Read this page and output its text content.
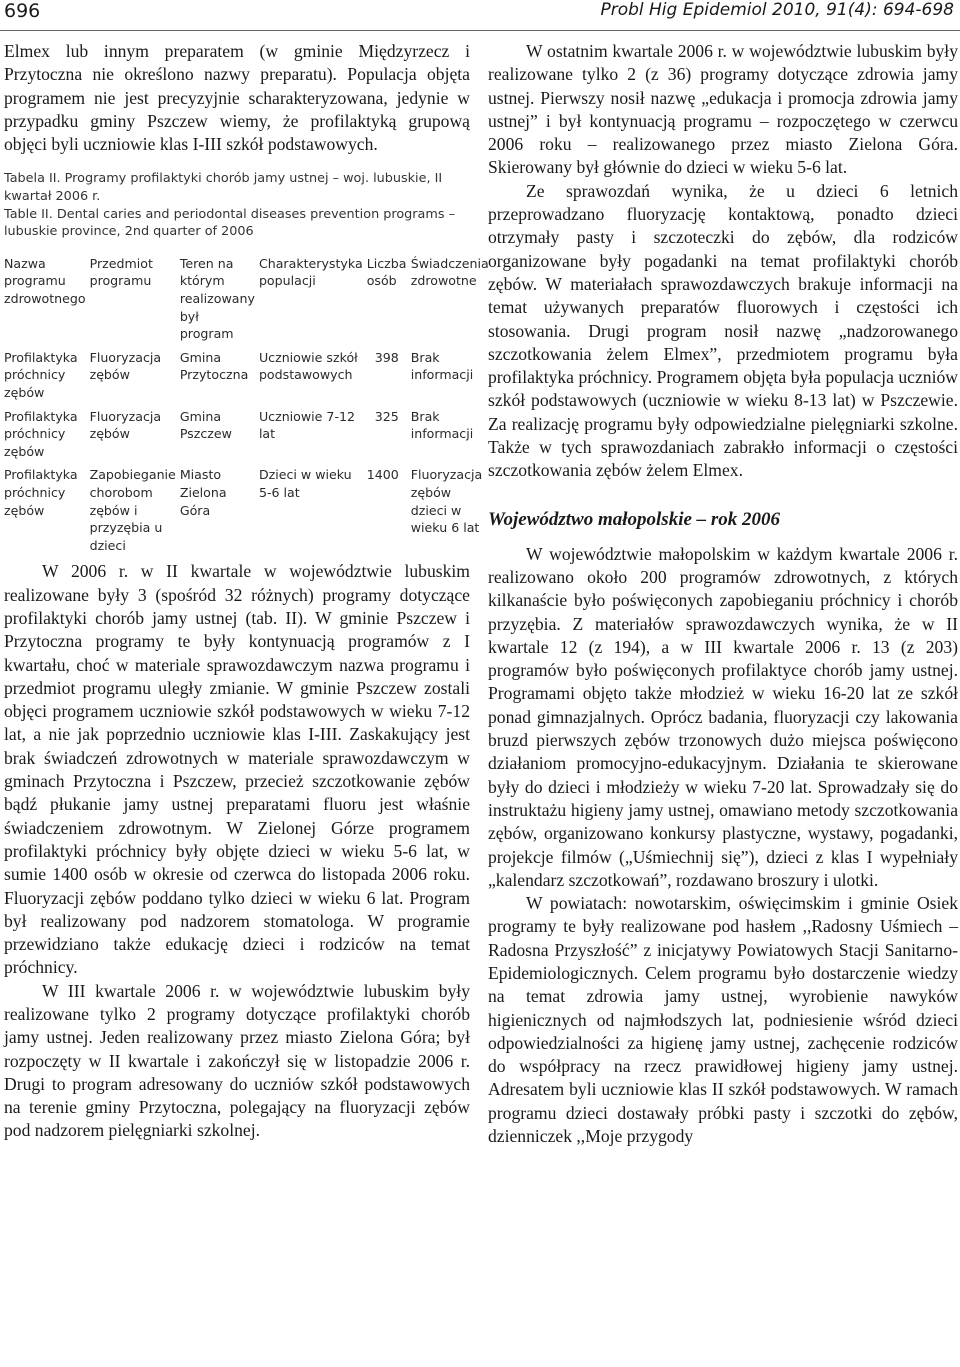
696	Probl Hig Epidemiol 2010, 91(4): 694-698

Elmex lub innym preparatem (w gminie Międzyrzecz i Przytoczna nie określono nazwy preparatu). Populacja objęta programem nie jest precyzyjnie scharakteryzowana, jedynie w przypadku gminy Pszczew wiemy, że profilaktyką grupową objęci byli uczniowie klas I-III szkół podstawowych.

Tabela II. Programy profilaktyki chorób jamy ustnej – woj. lubuskie, II kwartał 2006 r.

Table II. Dental caries and periodontal diseases prevention programs – lubuskie province, 2nd quarter of 2006

Nazwa programu zdrowotnego	Przedmiot programu	Teren na którym realizowany był program	Charakterystyka populacji	Liczba osób	Świadczenia zdrowotne
Profilaktyka próchnicy zębów	Fluoryzacja zębów	Gmina Przytoczna	Uczniowie szkół podstawowych	398	Brak informacji
Profilaktyka próchnicy zębów	Fluoryzacja zębów	Gmina Pszczew	Uczniowie 7-12 lat	325	Brak informacji
Profilaktyka próchnicy zębów	Zapobieganie chorobom zębów i przyzębia u dzieci	Miasto Zielona Góra	Dzieci w wieku 5-6 lat	1400	Fluoryzacja zębów dzieci w wieku 6 lat

W 2006 r. w II kwartale w województwie lubuskim realizowane były 3 (spośród 32 różnych) programy dotyczące profilaktyki chorób jamy ustnej (tab. II). W gminie Pszczew i Przytoczna programy te były kontynuacją programów z I kwartału, choć w materiale sprawozdawczym nazwa programu i przedmiot programu uległy zmianie. W gminie Pszczew zostali objęci programem uczniowie szkół podstawowych w wieku 7-12 lat, a nie jak poprzednio uczniowie klas I-III. Zaskakujący jest brak świadczeń zdrowotnych w materiale sprawozdawczym w gminach Przytoczna i Pszczew, przecież szczotkowanie zębów bądź płukanie jamy ustnej preparatami fluoru jest właśnie świadczeniem zdrowotnym. W Zielonej Górze programem profilaktyki próchnicy były objęte dzieci w wieku 5-6 lat, w sumie 1400 osób w okresie od czerwca do listopada 2006 roku. Fluoryzacji zębów poddano tylko dzieci w wieku 6 lat. Program był realizowany pod nadzorem stomatologa. W programie przewidziano także edukację dzieci i rodziców na temat próchnicy.

W III kwartale 2006 r. w województwie lubuskim były realizowane tylko 2 programy dotyczące profilaktyki chorób jamy ustnej. Jeden realizowany przez miasto Zielona Góra; był rozpoczęty w II kwartale i zakończył się w listopadzie 2006 r. Drugi to program adresowany do uczniów szkół podstawowych na terenie gminy Przytoczna, polegający na fluoryzacji zębów pod nadzorem pielęgniarki szkolnej.

W ostatnim kwartale 2006 r. w województwie lubuskim były realizowane tylko 2 (z 36) programy dotyczące zdrowia jamy ustnej. Pierwszy nosił nazwę „edukacja i promocja zdrowia jamy ustnej” i był kontynuacją programu – rozpoczętego w czerwcu 2006 roku – realizowanego przez miasto Zielona Góra. Skierowany był głównie do dzieci w wieku 5-6 lat.

Ze sprawozdań wynika, że u dzieci 6 letnich przeprowadzano fluoryzację kontaktową, ponadto dzieci otrzymały pasty i szczoteczki do zębów, dla rodziców organizowane były pogadanki na temat profilaktyki chorób zębów. W materiałach sprawozdawczych brakuje informacji na temat używanych preparatów fluorowych i częstości ich stosowania. Drugi program nosił nazwę „nadzorowanego szczotkowania żelem Elmex”, przedmiotem programu była profilaktyka próchnicy. Programem objęta była populacja uczniów szkół podstawowych (uczniowie w wieku 8-13 lat) w Pszczewie. Za realizację programu były odpowiedzialne pielęgniarki szkolne. Także w tych sprawozdaniach zabrakło informacji o częstości szczotkowania zębów żelem Elmex.

Województwo małopolskie – rok 2006

W województwie małopolskim w każdym kwartale 2006 r. realizowano około 200 programów zdrowotnych, z których kilkanaście było poświęconych zapobieganiu próchnicy i chorób przyzębia. Z materiałów sprawozdawczych wynika, że w II kwartale 12 (z 194), a w III kwartale 2006 r. 13 (z 203) programów było poświęconych profilaktyce chorób jamy ustnej. Programami objęto także młodzież w wieku 16-20 lat ze szkół ponad gimnazjalnych. Oprócz badania, fluoryzacji czy lakowania bruzd pierwszych zębów trzonowych dużo miejsca poświęcono działaniom promocyjno-edukacyjnym. Działania te skierowane były do dzieci i młodzieży w wieku 7-20 lat. Sprowadzały się do instruktażu higieny jamy ustnej, omawiano metody szczotkowania zębów, organizowano konkursy plastyczne, wystawy, pogadanki, projekcje filmów („Uśmiechnij się”), dzieci z klas I wypełniały „kalendarz szczotkowań”, rozdawano broszury i ulotki.

W powiatach: nowotarskim, oświęcimskim i gminie Osiek programy te były realizowane pod hasłem ,,Radosny Uśmiech – Radosna Przyszłość” z inicjatywy Powiatowych Stacji Sanitarno-Epidemiologicznych. Celem programu było dostarczenie wiedzy na temat zdrowia jamy ustnej, wyrobienie nawyków higienicznych od najmłodszych lat, podniesienie wśród dzieci odpowiedzialności za higienę jamy ustnej, zachęcenie rodziców do współpracy na rzecz prawidłowej higieny jamy ustnej. Adresatem byli uczniowie klas II szkół podstawowych. W ramach programu dzieci dostawały próbki pasty i szczotki do zębów, dzienniczek ,,Moje przygody
